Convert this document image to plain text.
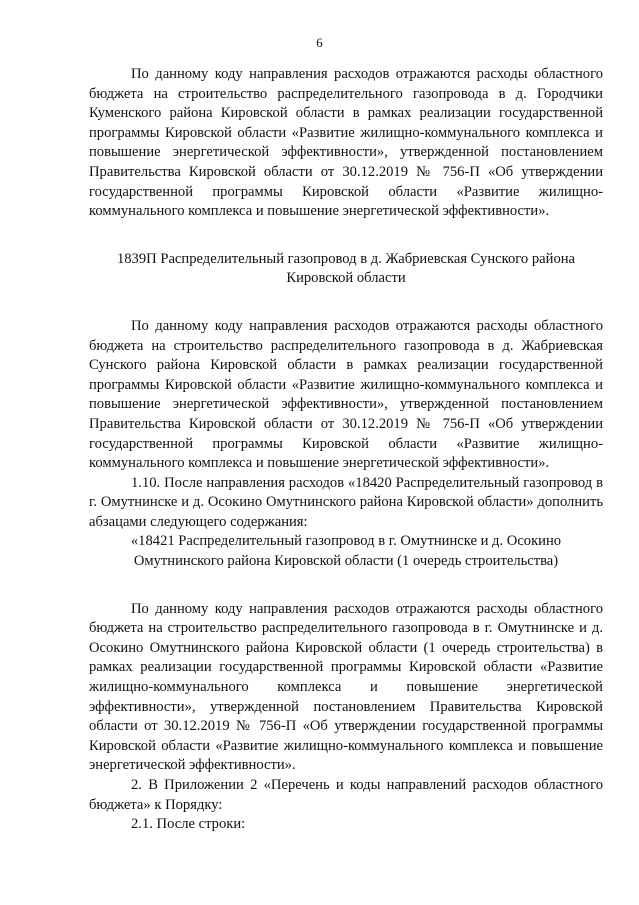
6

По данному коду направления расходов отражаются расходы областного бюджета на строительство распределительного газопровода в д. Городчики Куменского района Кировской области в рамках реализации государственной программы Кировской области «Развитие жилищно-коммунального комплекса и повышение энергетической эффективности», утвержденной постановлением Правительства Кировской области от 30.12.2019 № 756-П «Об утверждении государственной программы Кировской области «Развитие жилищно-коммунального комплекса и повышение энергетической эффективности».

1839П Распределительный газопровод в д. Жабриевская Сунского района

Кировской области

По данному коду направления расходов отражаются расходы областного бюджета на строительство распределительного газопровода в д. Жабриевская Сунского района Кировской области в рамках реализации государственной программы Кировской области «Развитие жилищно-коммунального комплекса и повышение энергетической эффективности», утвержденной постановлением Правительства Кировской области от 30.12.2019 № 756-П «Об утверждении государственной программы Кировской области «Развитие жилищно-коммунального комплекса и повышение энергетической эффективности».

1.10. После направления расходов «18420 Распределительный газопровод в г. Омутнинске и д. Осокино Омутнинского района Кировской области» дополнить абзацами следующего содержания:

«18421 Распределительный газопровод в г. Омутнинске и д. Осокино

Омутнинского района Кировской области (1 очередь строительства)

По данному коду направления расходов отражаются расходы областного бюджета на строительство распределительного газопровода в г. Омутнинске и д. Осокино Омутнинского района Кировской области (1 очередь строительства) в рамках реализации государственной программы Кировской области «Развитие жилищно-коммунального комплекса и повышение энергетической эффективности», утвержденной постановлением Правительства Кировской области от 30.12.2019 № 756-П «Об утверждении государственной программы Кировской области «Развитие жилищно-коммунального комплекса и повышение энергетической эффективности».

2. В Приложении 2 «Перечень и коды направлений расходов областного бюджета» к Порядку:

2.1. После строки:
